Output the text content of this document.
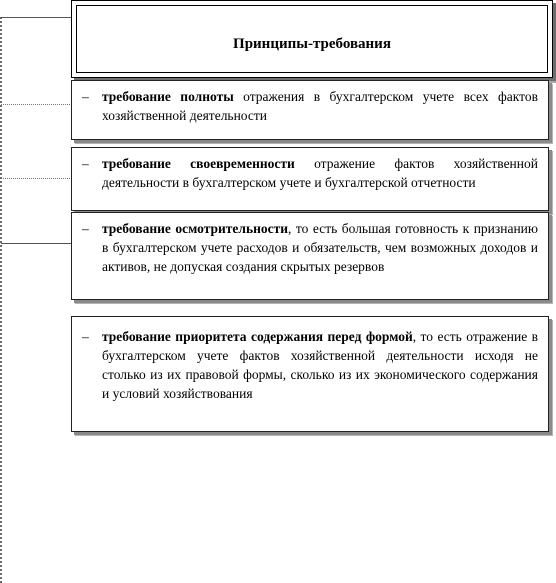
Принципы-требования
– требование полноты отражения в бухгалтерском учете всех фактов хозяйственной деятельности
– требование своевременности отражение фактов хозяйственной деятельности в бухгалтерском учете и бухгалтерской отчетности
– требование осмотрительности, то есть большая готовность к признанию в бухгалтерском учете расходов и обязательств, чем возможных доходов и активов, не допуская создания скрытых резервов
– требование приоритета содержания перед формой, то есть отражение в бухгалтерском учете фактов хозяйственной деятельности исходя не столько из их правовой формы, сколько из их экономического содержания и условий хозяйствования
